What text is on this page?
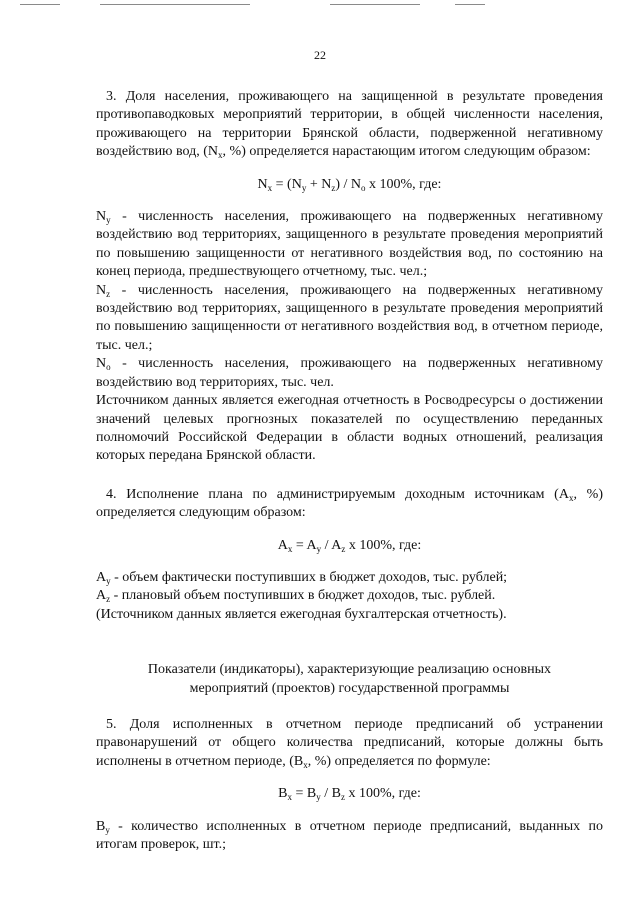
22

3. Доля населения, проживающего на защищенной в результате проведения противопаводковых мероприятий территории, в общей численности населения, проживающего на территории Брянской области, подверженной негативному воздействию вод, ($N_x$, %) определяется нарастающим итогом следующим образом:

$N_x = (N_y + N_z) / N_o$ x 100%, где:

$N_y$ - численность населения, проживающего на подверженных негативному воздействию вод территориях, защищенного в результате проведения мероприятий по повышению защищенности от негативного воздействия вод, по состоянию на конец периода, предшествующего отчетному, тыс. чел.;

$N_z$ - численность населения, проживающего на подверженных негативному воздействию вод территориях, защищенного в результате проведения мероприятий по повышению защищенности от негативного воздействия вод, в отчетном периоде, тыс. чел.;

$N_o$ - численность населения, проживающего на подверженных негативному воздействию вод территориях, тыс. чел.

Источником данных является ежегодная отчетность в Росводресурсы о достижении значений целевых прогнозных показателей по осуществлению переданных полномочий Российской Федерации в области водных отношений, реализация которых передана Брянской области.

4. Исполнение плана по администрируемым доходным источникам ($A_x$, %) определяется следующим образом:

$A_x = A_y / A_z$ x 100%, где:

$A_y$ - объем фактически поступивших в бюджет доходов, тыс. рублей;

$A_z$ - плановый объем поступивших в бюджет доходов, тыс. рублей.

(Источником данных является ежегодная бухгалтерская отчетность).

Показатели (индикаторы), характеризующие реализацию основных

мероприятий (проектов) государственной программы

5. Доля исполненных в отчетном периоде предписаний об устранении правонарушений от общего количества предписаний, которые должны быть исполнены в отчетном периоде, ($B_x$, %) определяется по формуле:

$B_x = B_y / B_z$ x 100%, где:

$B_y$ - количество исполненных в отчетном периоде предписаний, выданных по итогам проверок, шт.;
